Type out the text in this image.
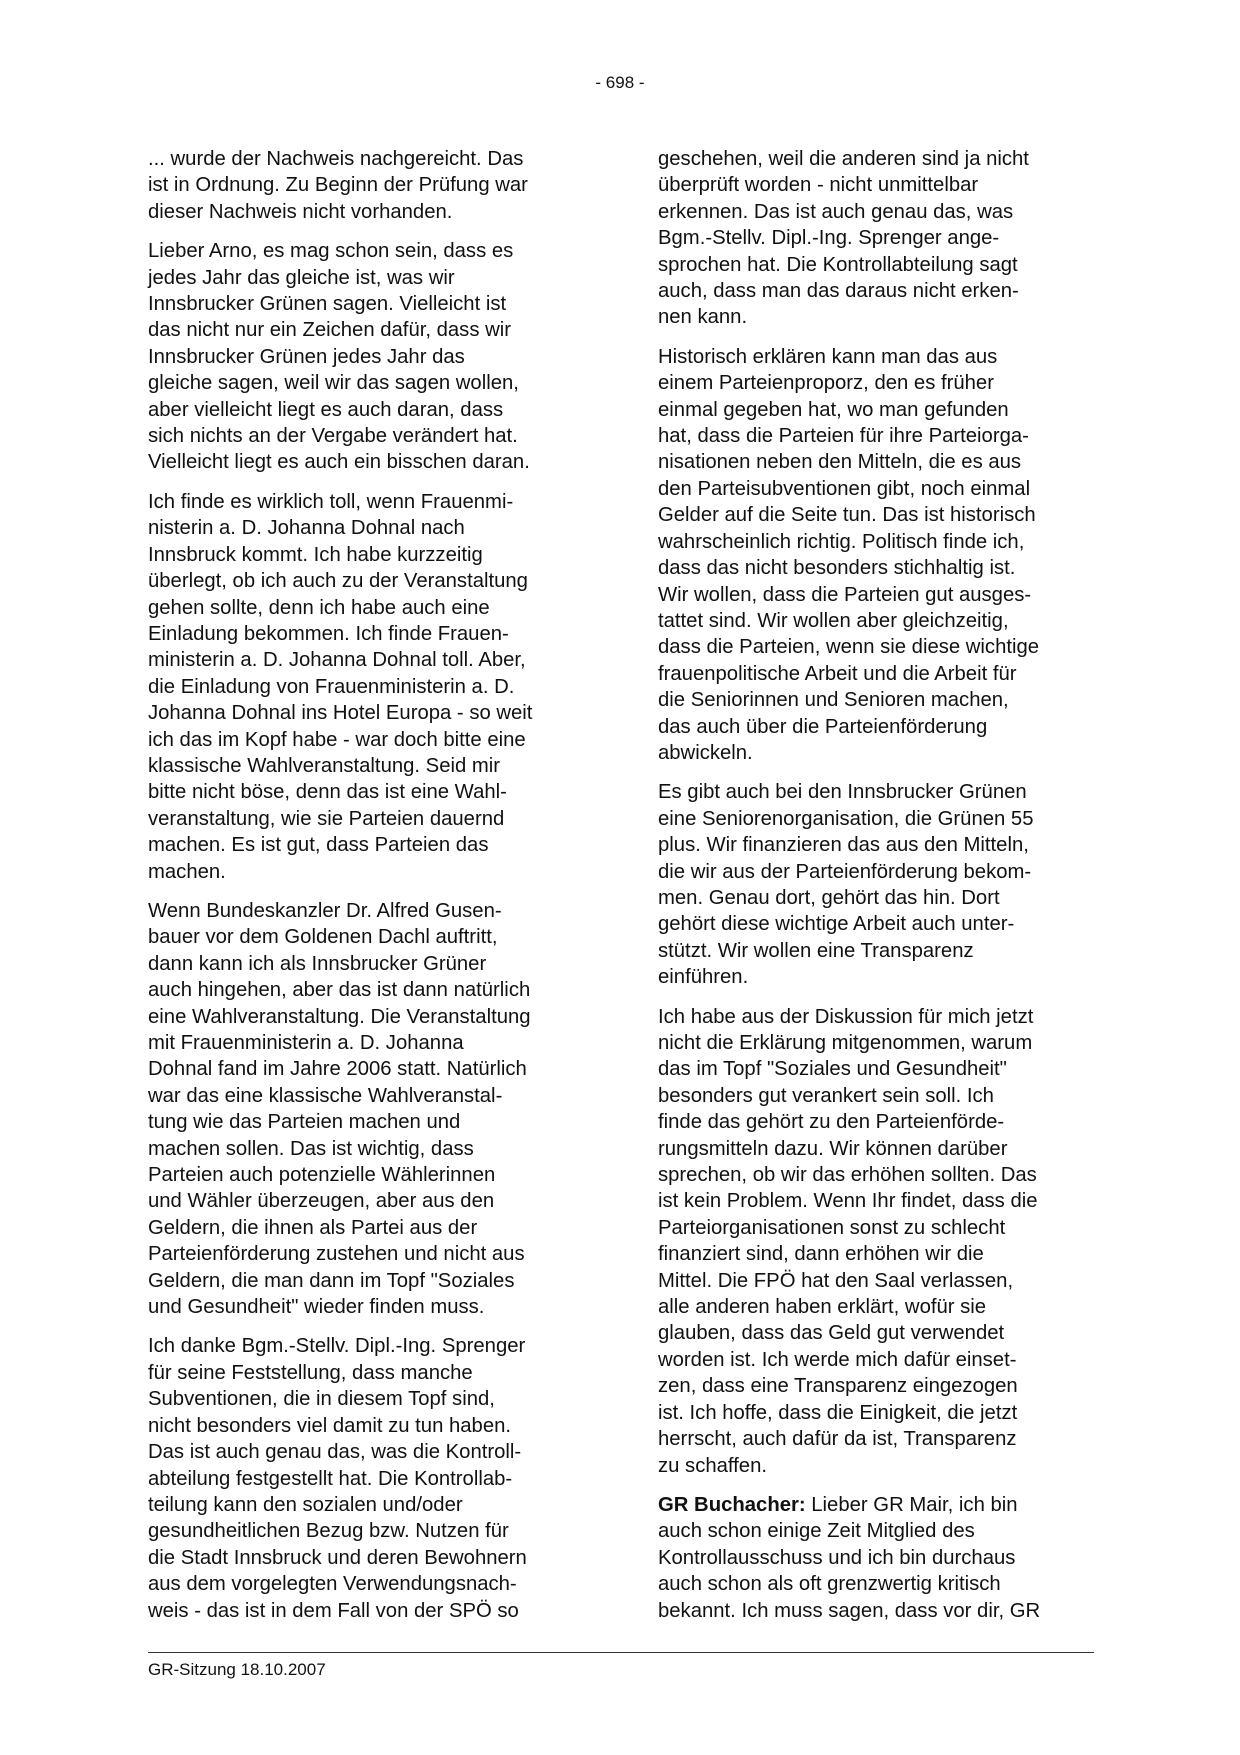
- 698 -
... wurde der Nachweis nachgereicht. Das
ist in Ordnung. Zu Beginn der Prüfung war
dieser Nachweis nicht vorhanden.
Lieber Arno, es mag schon sein, dass es
jedes Jahr das gleiche ist, was wir
Innsbrucker Grünen sagen. Vielleicht ist
das nicht nur ein Zeichen dafür, dass wir
Innsbrucker Grünen jedes Jahr das
gleiche sagen, weil wir das sagen wollen,
aber vielleicht liegt es auch daran, dass
sich nichts an der Vergabe verändert hat.
Vielleicht liegt es auch ein bisschen daran.
Ich finde es wirklich toll, wenn Frauenmi-
nisterin a. D. Johanna Dohnal nach
Innsbruck kommt. Ich habe kurzzeitig
überlegt, ob ich auch zu der Veranstaltung
gehen sollte, denn ich habe auch eine
Einladung bekommen. Ich finde Frauen-
ministerin a. D. Johanna Dohnal toll. Aber,
die Einladung von Frauenministerin a. D.
Johanna Dohnal ins Hotel Europa - so weit
ich das im Kopf habe - war doch bitte eine
klassische Wahlveranstaltung. Seid mir
bitte nicht böse, denn das ist eine Wahl-
veranstaltung, wie sie Parteien dauernd
machen. Es ist gut, dass Parteien das
machen.
Wenn Bundeskanzler Dr. Alfred Gusen-
bauer vor dem Goldenen Dachl auftritt,
dann kann ich als Innsbrucker Grüner
auch hingehen, aber das ist dann natürlich
eine Wahlveranstaltung. Die Veranstaltung
mit Frauenministerin a. D. Johanna
Dohnal fand im Jahre 2006 statt. Natürlich
war das eine klassische Wahlveranstal-
tung wie das Parteien machen und
machen sollen. Das ist wichtig, dass
Parteien auch potenzielle Wählerinnen
und Wähler überzeugen, aber aus den
Geldern, die ihnen als Partei aus der
Parteienförderung zustehen und nicht aus
Geldern, die man dann im Topf "Soziales
und Gesundheit" wieder finden muss.
Ich danke Bgm.-Stellv. Dipl.-Ing. Sprenger
für seine Feststellung, dass manche
Subventionen, die in diesem Topf sind,
nicht besonders viel damit zu tun haben.
Das ist auch genau das, was die Kontroll-
abteilung festgestellt hat. Die Kontrollab-
teilung kann den sozialen und/oder
gesundheitlichen Bezug bzw. Nutzen für
die Stadt Innsbruck und deren Bewohnern
aus dem vorgelegten Verwendungsnach-
weis - das ist in dem Fall von der SPÖ so
geschehen, weil die anderen sind ja nicht
überprüft worden - nicht unmittelbar
erkennen. Das ist auch genau das, was
Bgm.-Stellv. Dipl.-Ing. Sprenger ange-
sprochen hat. Die Kontrollabteilung sagt
auch, dass man das daraus nicht erken-
nen kann.
Historisch erklären kann man das aus
einem Parteienproporz, den es früher
einmal gegeben hat, wo man gefunden
hat, dass die Parteien für ihre Parteiorga-
nisationen neben den Mitteln, die es aus
den Parteisubventionen gibt, noch einmal
Gelder auf die Seite tun. Das ist historisch
wahrscheinlich richtig. Politisch finde ich,
dass das nicht besonders stichhaltig ist.
Wir wollen, dass die Parteien gut ausges-
tattet sind. Wir wollen aber gleichzeitig,
dass die Parteien, wenn sie diese wichtige
frauenpolitische Arbeit und die Arbeit für
die Seniorinnen und Senioren machen,
das auch über die Parteienförderung
abwickeln.
Es gibt auch bei den Innsbrucker Grünen
eine Seniorenorganisation, die Grünen 55
plus. Wir finanzieren das aus den Mitteln,
die wir aus der Parteienförderung bekom-
men. Genau dort, gehört das hin. Dort
gehört diese wichtige Arbeit auch unter-
stützt. Wir wollen eine Transparenz
einführen.
Ich habe aus der Diskussion für mich jetzt
nicht die Erklärung mitgenommen, warum
das im Topf "Soziales und Gesundheit"
besonders gut verankert sein soll. Ich
finde das gehört zu den Parteienförde-
rungsmitteln dazu. Wir können darüber
sprechen, ob wir das erhöhen sollten. Das
ist kein Problem. Wenn Ihr findet, dass die
Parteiorganisationen sonst zu schlecht
finanziert sind, dann erhöhen wir die
Mittel. Die FPÖ hat den Saal verlassen,
alle anderen haben erklärt, wofür sie
glauben, dass das Geld gut verwendet
worden ist. Ich werde mich dafür einset-
zen, dass eine Transparenz eingezogen
ist. Ich hoffe, dass die Einigkeit, die jetzt
herrscht, auch dafür da ist, Transparenz
zu schaffen.
GR Buchacher: Lieber GR Mair, ich bin
auch schon einige Zeit Mitglied des
Kontrollausschuss und ich bin durchaus
auch schon als oft grenzwertig kritisch
bekannt. Ich muss sagen, dass vor dir, GR
GR-Sitzung 18.10.2007
